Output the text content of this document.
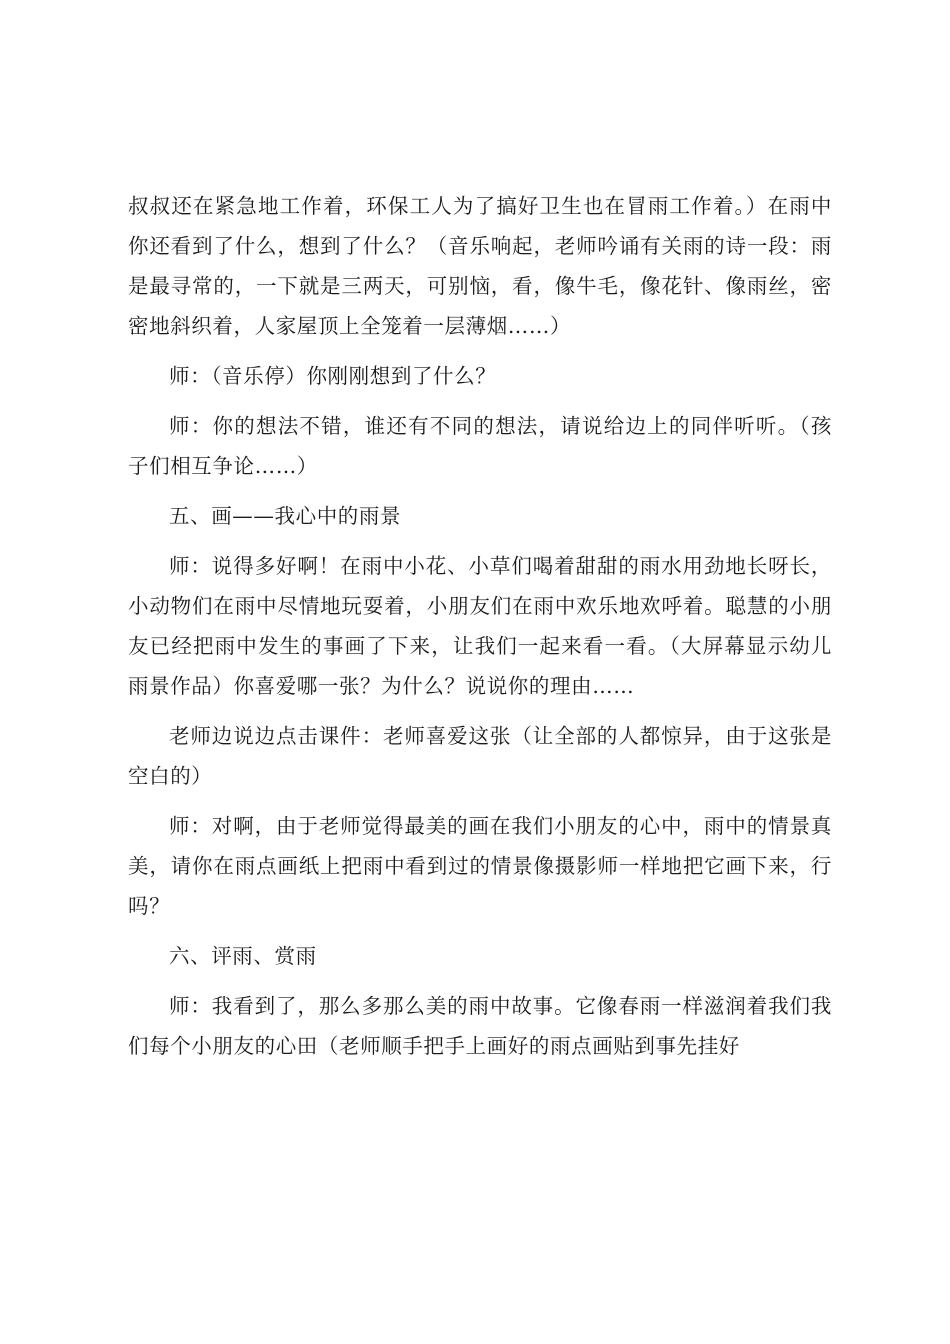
叔叔还在紧急地工作着，环保工人为了搞好卫生也在冒雨工作着。）在雨中你还看到了什么，想到了什么？（音乐响起，老师吟诵有关雨的诗一段：雨是最寻常的，一下就是三两天，可别恼，看，像牛毛，像花针、像雨丝，密密地斜织着，人家屋顶上全笼着一层薄烟……）

师：（音乐停）你刚刚想到了什么？

师：你的想法不错，谁还有不同的想法，请说给边上的同伴听听。（孩子们相互争论……）

五、画——我心中的雨景

师：说得多好啊！在雨中小花、小草们喝着甜甜的雨水用劲地长呀长，小动物们在雨中尽情地玩耍着，小朋友们在雨中欢乐地欢呼着。聪慧的小朋友已经把雨中发生的事画了下来，让我们一起来看一看。（大屏幕显示幼儿雨景作品）你喜爱哪一张？为什么？说说你的理由……

老师边说边点击课件：老师喜爱这张（让全部的人都惊异，由于这张是空白的）

师：对啊，由于老师觉得最美的画在我们小朋友的心中，雨中的情景真美，请你在雨点画纸上把雨中看到过的情景像摄影师一样地把它画下来，行吗？

六、评雨、赏雨

师：我看到了，那么多那么美的雨中故事。它像春雨一样滋润着我们我们每个小朋友的心田（老师顺手把手上画好的雨点画贴到事先挂好
